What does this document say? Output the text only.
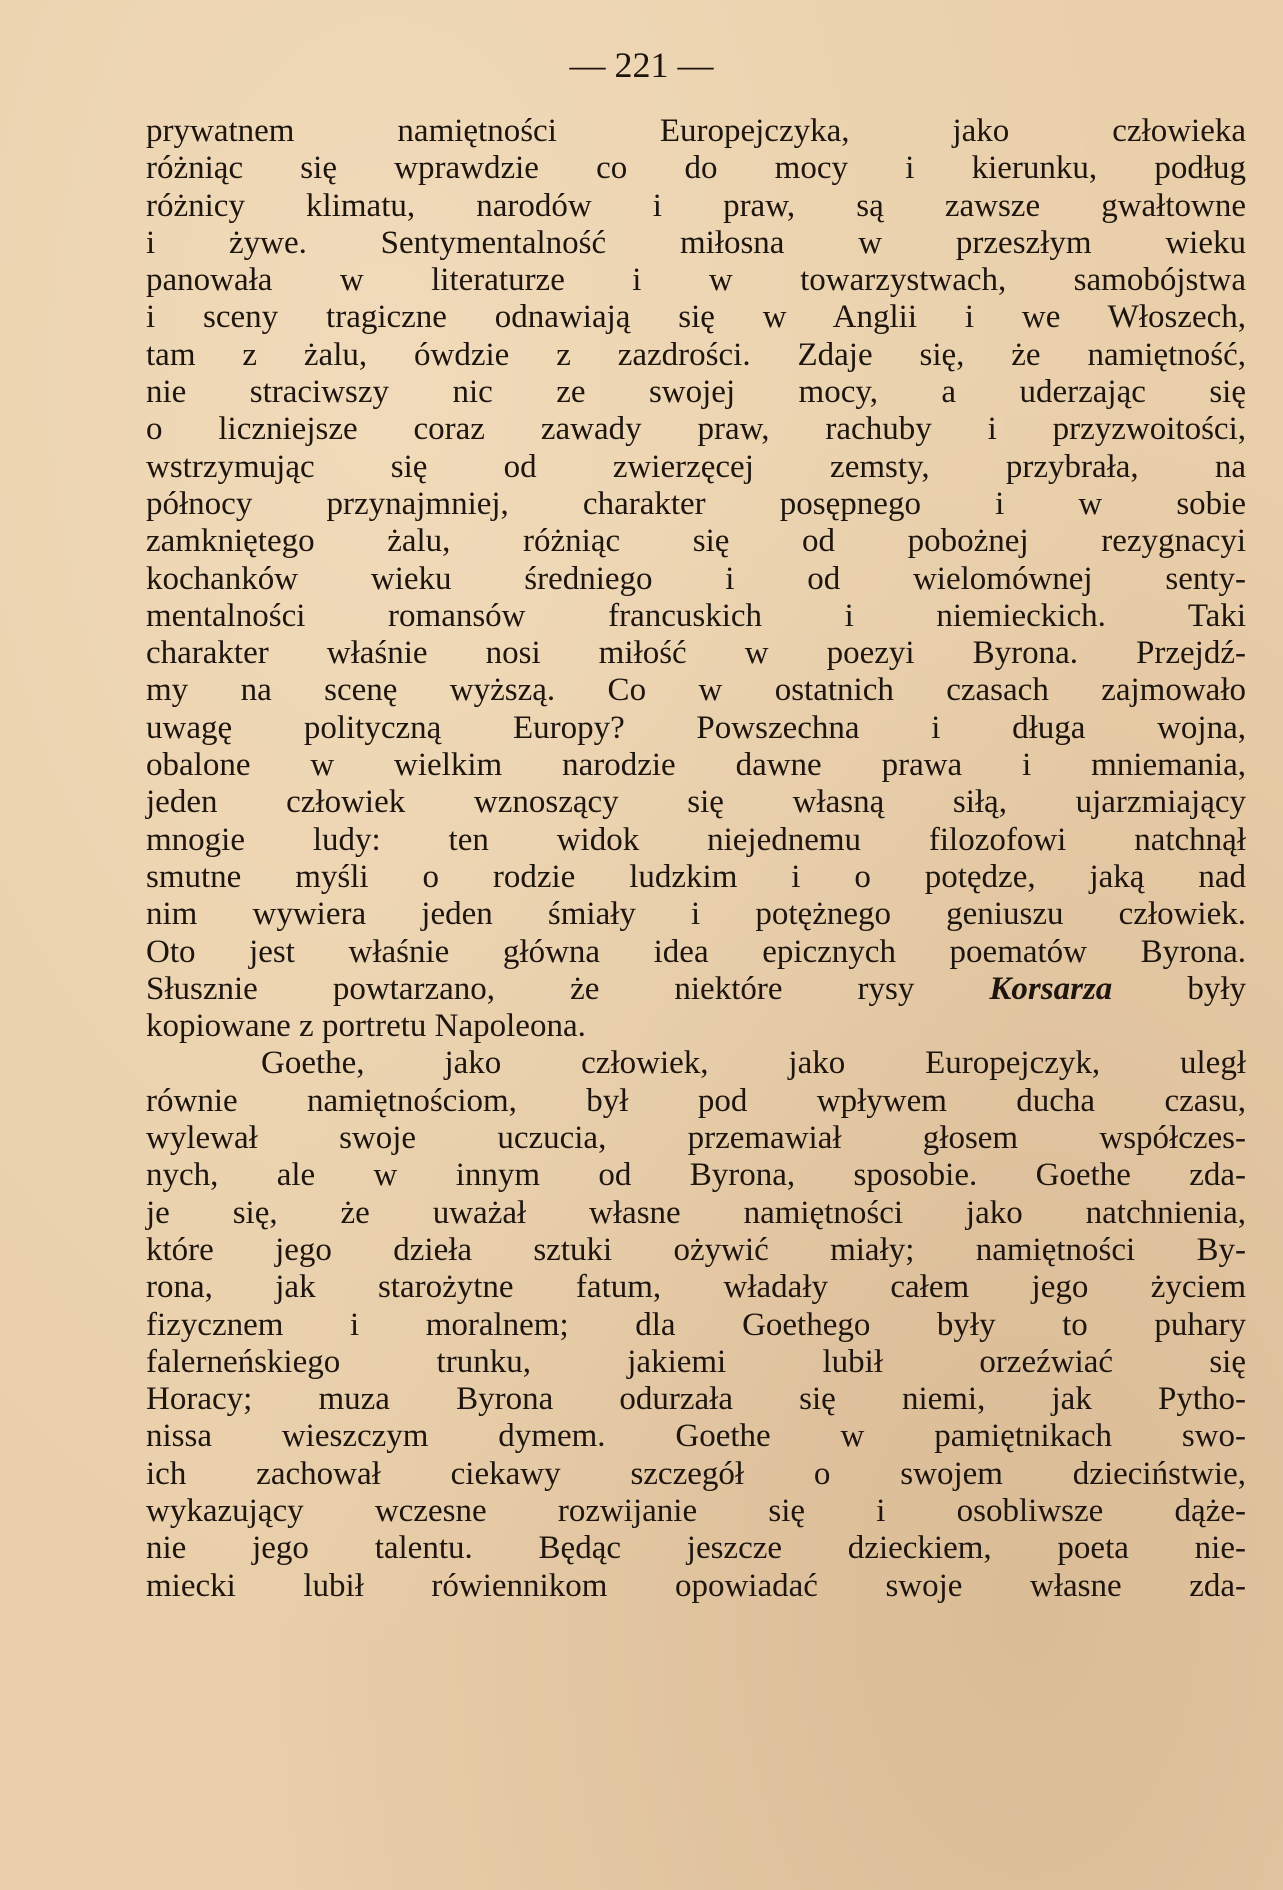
— 221 —
prywatnem namiętności Europejczyka, jako człowieka
różniąc się wprawdzie co do mocy i kierunku, podług
różnicy klimatu, narodów i praw, są zawsze gwałtowne
i żywe. Sentymentalność miłosna w przeszłym wieku
panowała w literaturze i w towarzystwach, samobójstwa
i sceny tragiczne odnawiają się w Anglii i we Włoszech,
tam z żalu, ówdzie z zazdrości. Zdaje się, że namiętność,
nie straciwszy nic ze swojej mocy, a uderzając się
o liczniejsze coraz zawady praw, rachuby i przyzwoitości,
wstrzymując się od zwierzęcej zemsty, przybrała, na
północy przynajmniej, charakter posępnego i w sobie
zamkniętego żalu, różniąc się od pobożnej rezygnacyi
kochanków wieku średniego i od wielomównej senty-
mentalności romansów francuskich i niemieckich. Taki
charakter właśnie nosi miłość w poezyi Byrona. Przejdź-
my na scenę wyższą. Co w ostatnich czasach zajmowało
uwagę polityczną Europy? Powszechna i długa wojna,
obalone w wielkim narodzie dawne prawa i mniemania,
jeden człowiek wznoszący się własną siłą, ujarzmiający
mnogie ludy: ten widok niejednemu filozofowi natchnął
smutne myśli o rodzie ludzkim i o potędze, jaką nad
nim wywiera jeden śmiały i potężnego geniuszu człowiek.
Oto jest właśnie główna idea epicznych poematów Byrona.
Słusznie powtarzano, że niektóre rysy Korsarza były
kopiowane z portretu Napoleona.
Goethe, jako człowiek, jako Europejczyk, uległ
równie namiętnościom, był pod wpływem ducha czasu,
wylewał swoje uczucia, przemawiał głosem współczes-
nych, ale w innym od Byrona, sposobie. Goethe zda-
je się, że uważał własne namiętności jako natchnienia,
które jego dzieła sztuki ożywić miały; namiętności By-
rona, jak starożytne fatum, władały całem jego życiem
fizycznem i moralnem; dla Goethego były to puhary
falerneńskiego trunku, jakiemi lubił orzeźwiać się
Horacy; muza Byrona odurzała się niemi, jak Pytho-
nissa wieszczym dymem. Goethe w pamiętnikach swo-
ich zachował ciekawy szczegół o swojem dzieciństwie,
wykazujący wczesne rozwijanie się i osobliwsze dąże-
nie jego talentu. Będąc jeszcze dzieckiem, poeta nie-
miecki lubił rówiennikom opowiadać swoje własne zda-
